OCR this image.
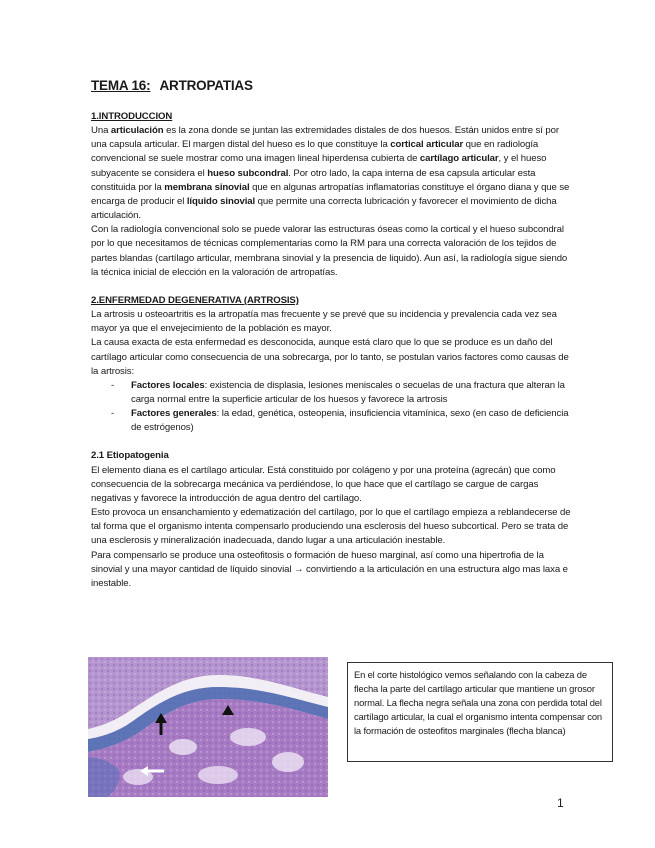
TEMA 16: ARTROPATIAS
1.INTRODUCCION

Una articulación es la zona donde se juntan las extremidades distales de dos huesos. Están unidos entre sí por una capsula articular. El margen distal del hueso es lo que constituye la cortical articular que en radiología convencional se suele mostrar como una imagen lineal hiperdensa cubierta de cartílago articular, y el hueso subyacente se considera el hueso subcondral. Por otro lado, la capa interna de esa capsula articular esta constituida por la membrana sinovial que en algunas artropatías inflamatorias constituye el órgano diana y que se encarga de producir el líquido sinovial que permite una correcta lubricación y favorecer el movimiento de dicha articulación.

Con la radiología convencional solo se puede valorar las estructuras óseas como la cortical y el hueso subcondral por lo que necesitamos de técnicas complementarias como la RM para una correcta valoración de los tejidos de partes blandas (cartílago articular, membrana sinovial y la presencia de liquido). Aun así, la radiología sigue siendo la técnica inicial de elección en la valoración de artropatías.

2.ENFERMEDAD DEGENERATIVA (ARTROSIS)

La artrosis u osteoartritis es la artropatía mas frecuente y se prevé que su incidencia y prevalencia cada vez sea mayor ya que el envejecimiento de la población es mayor.

La causa exacta de esta enfermedad es desconocida, aunque está claro que lo que se produce es un daño del cartílago articular como consecuencia de una sobrecarga, por lo tanto, se postulan varios factores como causas de la artrosis:

- Factores locales: existencia de displasia, lesiones meniscales o secuelas de una fractura que alteran la carga normal entre la superficie articular de los huesos y favorece la artrosis

- Factores generales: la edad, genética, osteopenia, insuficiencia vitamínica, sexo (en caso de deficiencia de estrógenos)

2.1 Etiopatogenia

El elemento diana es el cartílago articular. Está constituido por colágeno y por una proteína (agrecán) que como consecuencia de la sobrecarga mecánica va perdiéndose, lo que hace que el cartílago se cargue de cargas negativas y favorece la introducción de agua dentro del cartílago.

Esto provoca un ensanchamiento y edematización del cartílago, por lo que el cartílago empieza a reblandecerse de tal forma que el organismo intenta compensarlo produciendo una esclerosis del hueso subcortical. Pero se trata de una esclerosis y mineralización inadecuada, dando lugar a una articulación inestable.

Para compensarlo se produce una osteofitosis o formación de hueso marginal, así como una hipertrofia de la sinovial y una mayor cantidad de líquido sinovial → convirtiendo a la articulación en una estructura algo mas laxa e inestable.

En el corte histológico vemos señalando con la cabeza de flecha la parte del cartílago articular que mantiene un grosor normal. La flecha negra señala una zona con perdida total del cartílago articular, la cual el organismo intenta compensar con la formación de osteofitos marginales (flecha blanca)
1
